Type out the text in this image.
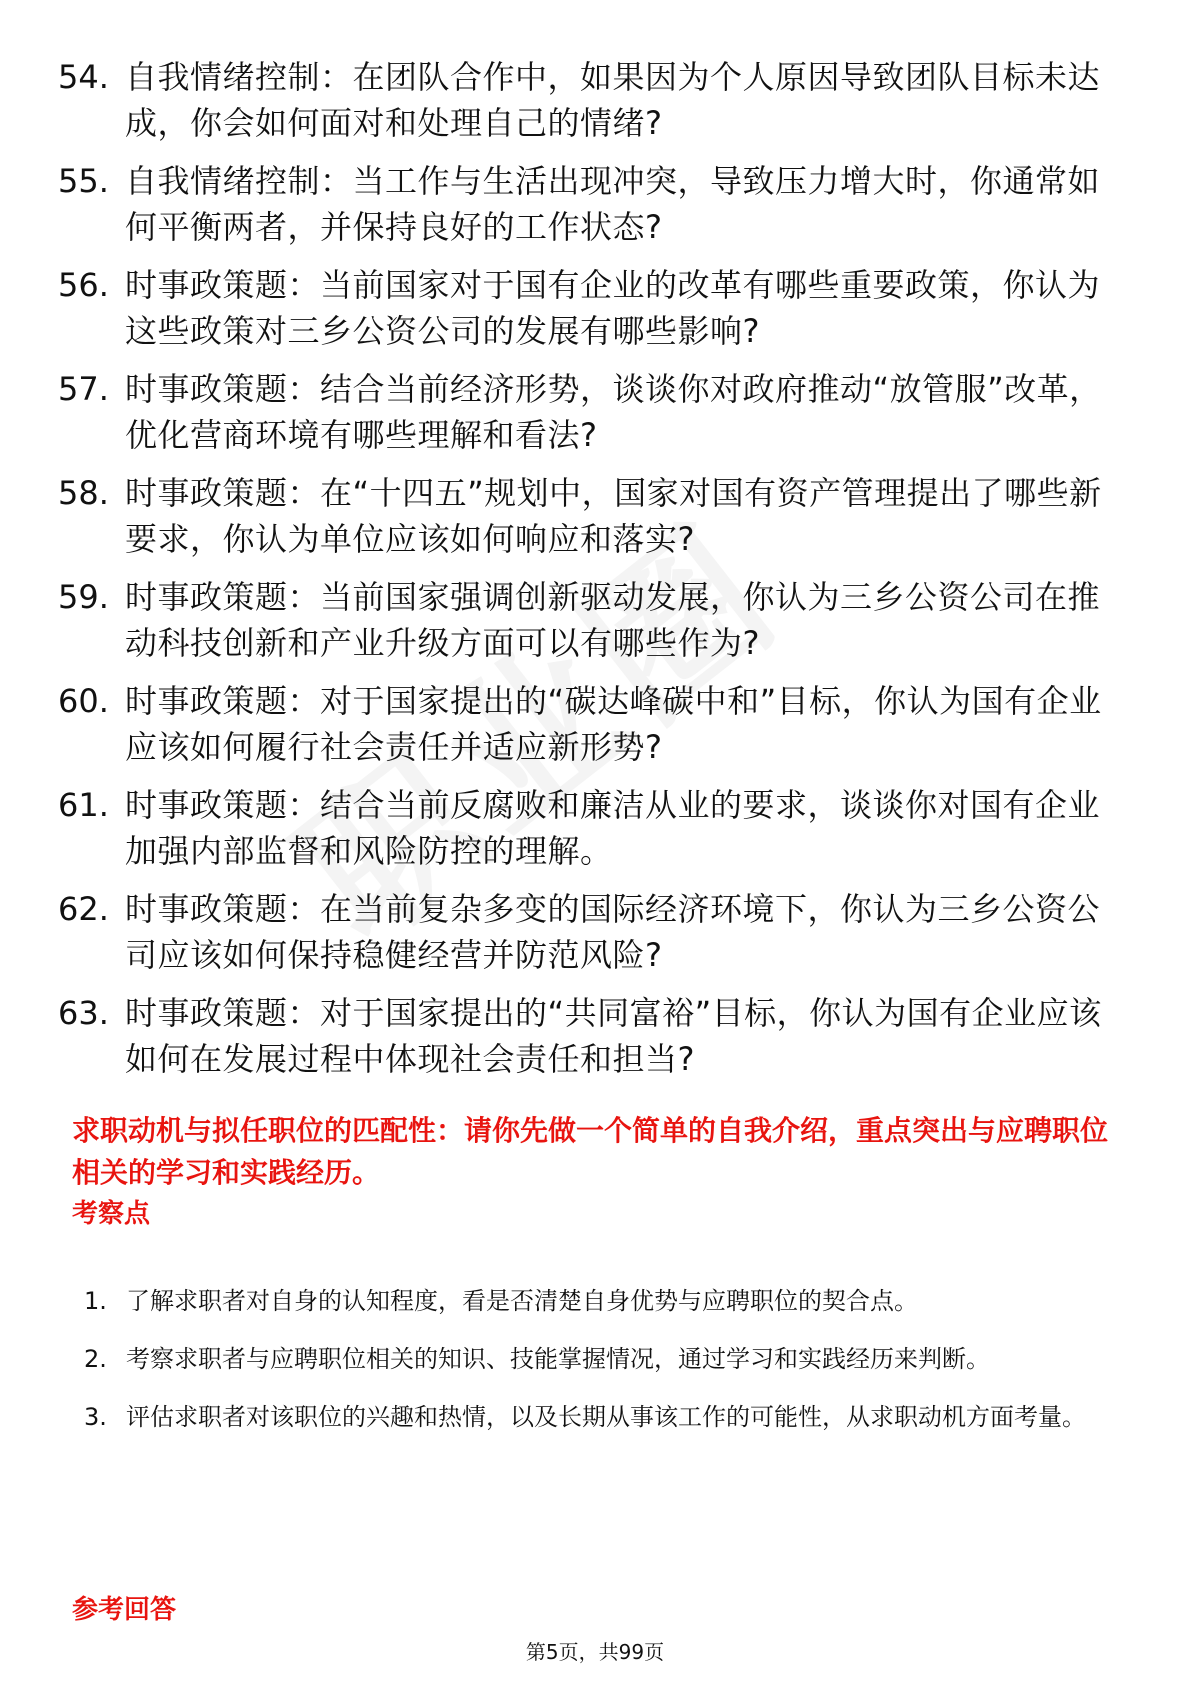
54. 自我情绪控制：在团队合作中，如果因为个人原因导致团队目标未达成，你会如何面对和处理自己的情绪?
55. 自我情绪控制：当工作与生活出现冲突，导致压力增大时，你通常如何平衡两者，并保持良好的工作状态?
56. 时事政策题：当前国家对于国有企业的改革有哪些重要政策，你认为这些政策对三乡公资公司的发展有哪些影响?
57. 时事政策题：结合当前经济形势，谈谈你对政府推动“放管服”改革，优化营商环境有哪些理解和看法?
58. 时事政策题：在“十四五”规划中，国家对国有资产管理提出了哪些新要求，你认为单位应该如何响应和落实?
59. 时事政策题：当前国家强调创新驱动发展，你认为三乡公资公司在推动科技创新和产业升级方面可以有哪些作为?
60. 时事政策题：对于国家提出的“碳达峰碳中和”目标，你认为国有企业应该如何履行社会责任并适应新形势?
61. 时事政策题：结合当前反腐败和廉洁从业的要求，谈谈你对国有企业加强内部监督和风险防控的理解。
62. 时事政策题：在当前复杂多变的国际经济环境下，你认为三乡公资公司应该如何保持稳健经营并防范风险?
63. 时事政策题：对于国家提出的“共同富裕”目标，你认为国有企业应该如何在发展过程中体现社会责任和担当?
求职动机与拟任职位的匹配性：请你先做一个简单的自我介绍，重点突出与应聘职位相关的学习和实践经历。
考察点
1. 了解求职者对自身的认知程度，看是否清楚自身优势与应聘职位的契合点。
2. 考察求职者与应聘职位相关的知识、技能掌握情况，通过学习和实践经历来判断。
3. 评估求职者对该职位的兴趣和热情，以及长期从事该工作的可能性，从求职动机方面考量。
参考回答
第5页，共99页
